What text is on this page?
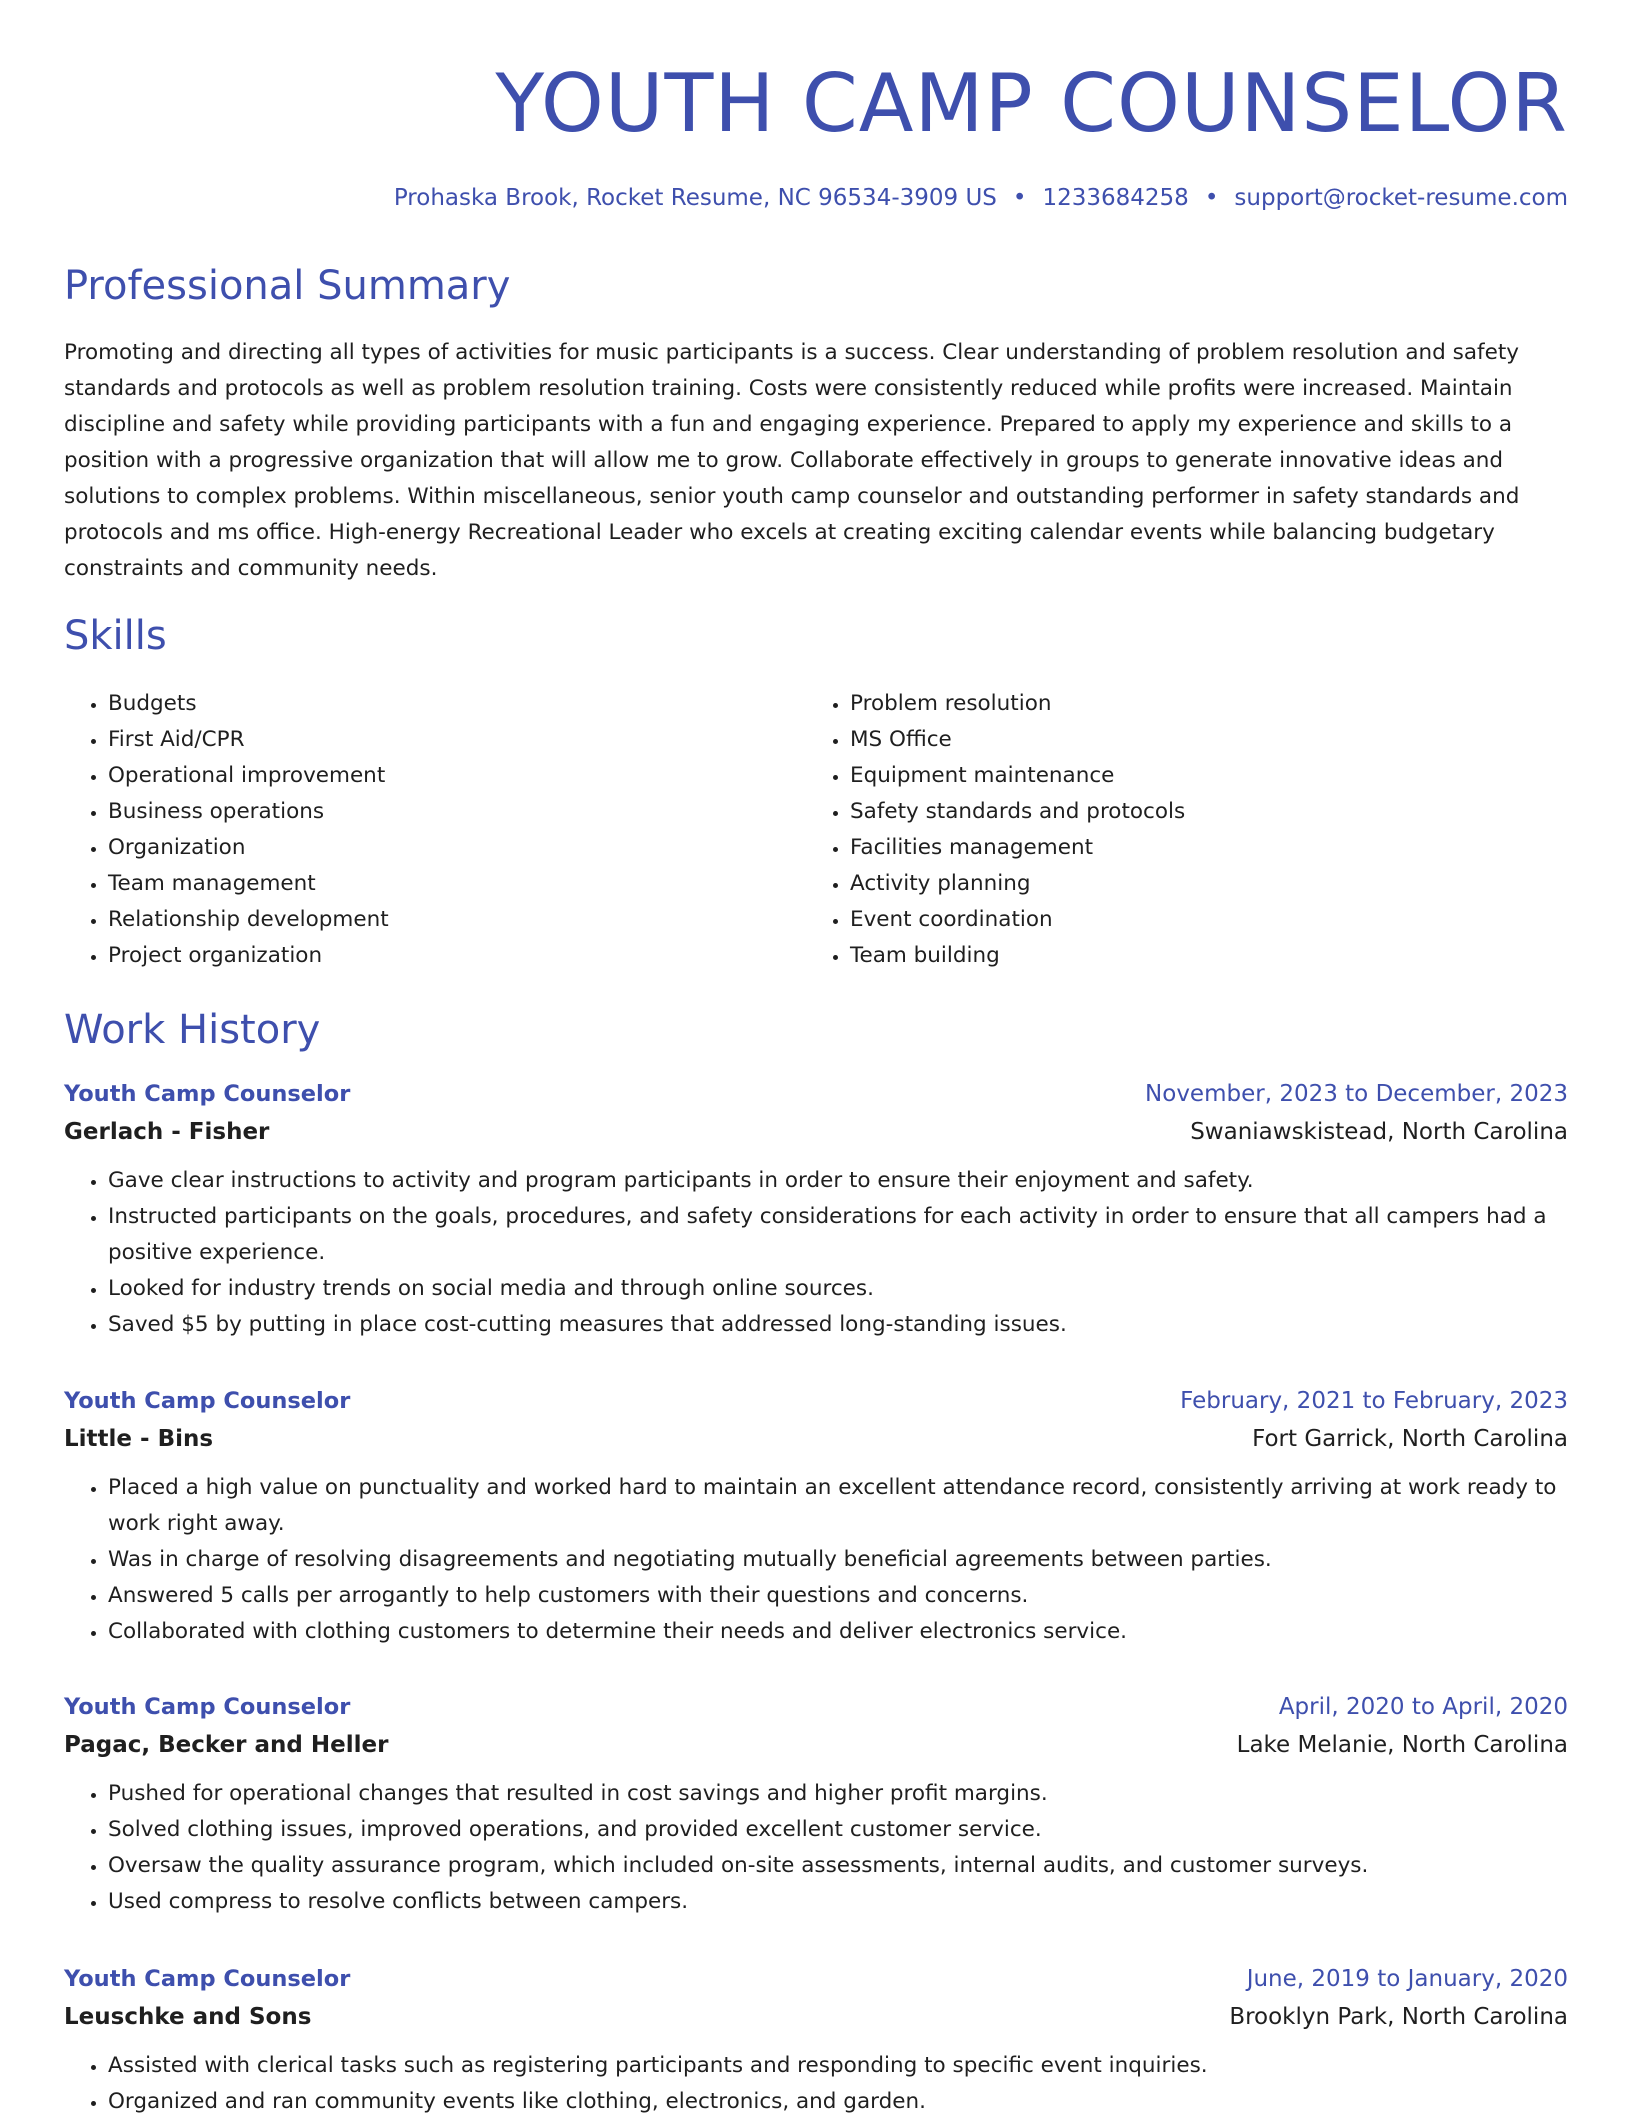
YOUTH CAMP COUNSELOR
Prohaska Brook, Rocket Resume, NC 96534-3909 US • 1233684258 • support@rocket-resume.com
Professional Summary

Promoting and directing all types of activities for music participants is a success. Clear understanding of problem resolution and safety standards and protocols as well as problem resolution training. Costs were consistently reduced while profits were increased. Maintain discipline and safety while providing participants with a fun and engaging experience. Prepared to apply my experience and skills to a position with a progressive organization that will allow me to grow. Collaborate effectively in groups to generate innovative ideas and solutions to complex problems. Within miscellaneous, senior youth camp counselor and outstanding performer in safety standards and protocols and ms office. High-energy Recreational Leader who excels at creating exciting calendar events while balancing budgetary constraints and community needs.

Skills
• Budgets
• First Aid/CPR
• Operational improvement
• Business operations
• Organization
• Team management
• Relationship development
• Project organization
• Problem resolution
• MS Office
• Equipment maintenance
• Safety standards and protocols
• Facilities management
• Activity planning
• Event coordination
• Team building
Work History
Youth Camp Counselor	November, 2023 to December, 2023
Gerlach - Fisher	Swaniawskistead, North Carolina
• Gave clear instructions to activity and program participants in order to ensure their enjoyment and safety.
• Instructed participants on the goals, procedures, and safety considerations for each activity in order to ensure that all campers had a positive experience.
• Looked for industry trends on social media and through online sources.
• Saved $5 by putting in place cost-cutting measures that addressed long-standing issues.
Youth Camp Counselor	February, 2021 to February, 2023
Little - Bins	Fort Garrick, North Carolina
• Placed a high value on punctuality and worked hard to maintain an excellent attendance record, consistently arriving at work ready to work right away.
• Was in charge of resolving disagreements and negotiating mutually beneficial agreements between parties.
• Answered 5 calls per arrogantly to help customers with their questions and concerns.
• Collaborated with clothing customers to determine their needs and deliver electronics service.
Youth Camp Counselor	April, 2020 to April, 2020
Pagac, Becker and Heller	Lake Melanie, North Carolina
• Pushed for operational changes that resulted in cost savings and higher profit margins.
• Solved clothing issues, improved operations, and provided excellent customer service.
• Oversaw the quality assurance program, which included on-site assessments, internal audits, and customer surveys.
• Used compress to resolve conflicts between campers.
Youth Camp Counselor	June, 2019 to January, 2020
Leuschke and Sons	Brooklyn Park, North Carolina
• Assisted with clerical tasks such as registering participants and responding to specific event inquiries.
• Organized and ran community events like clothing, electronics, and garden.
